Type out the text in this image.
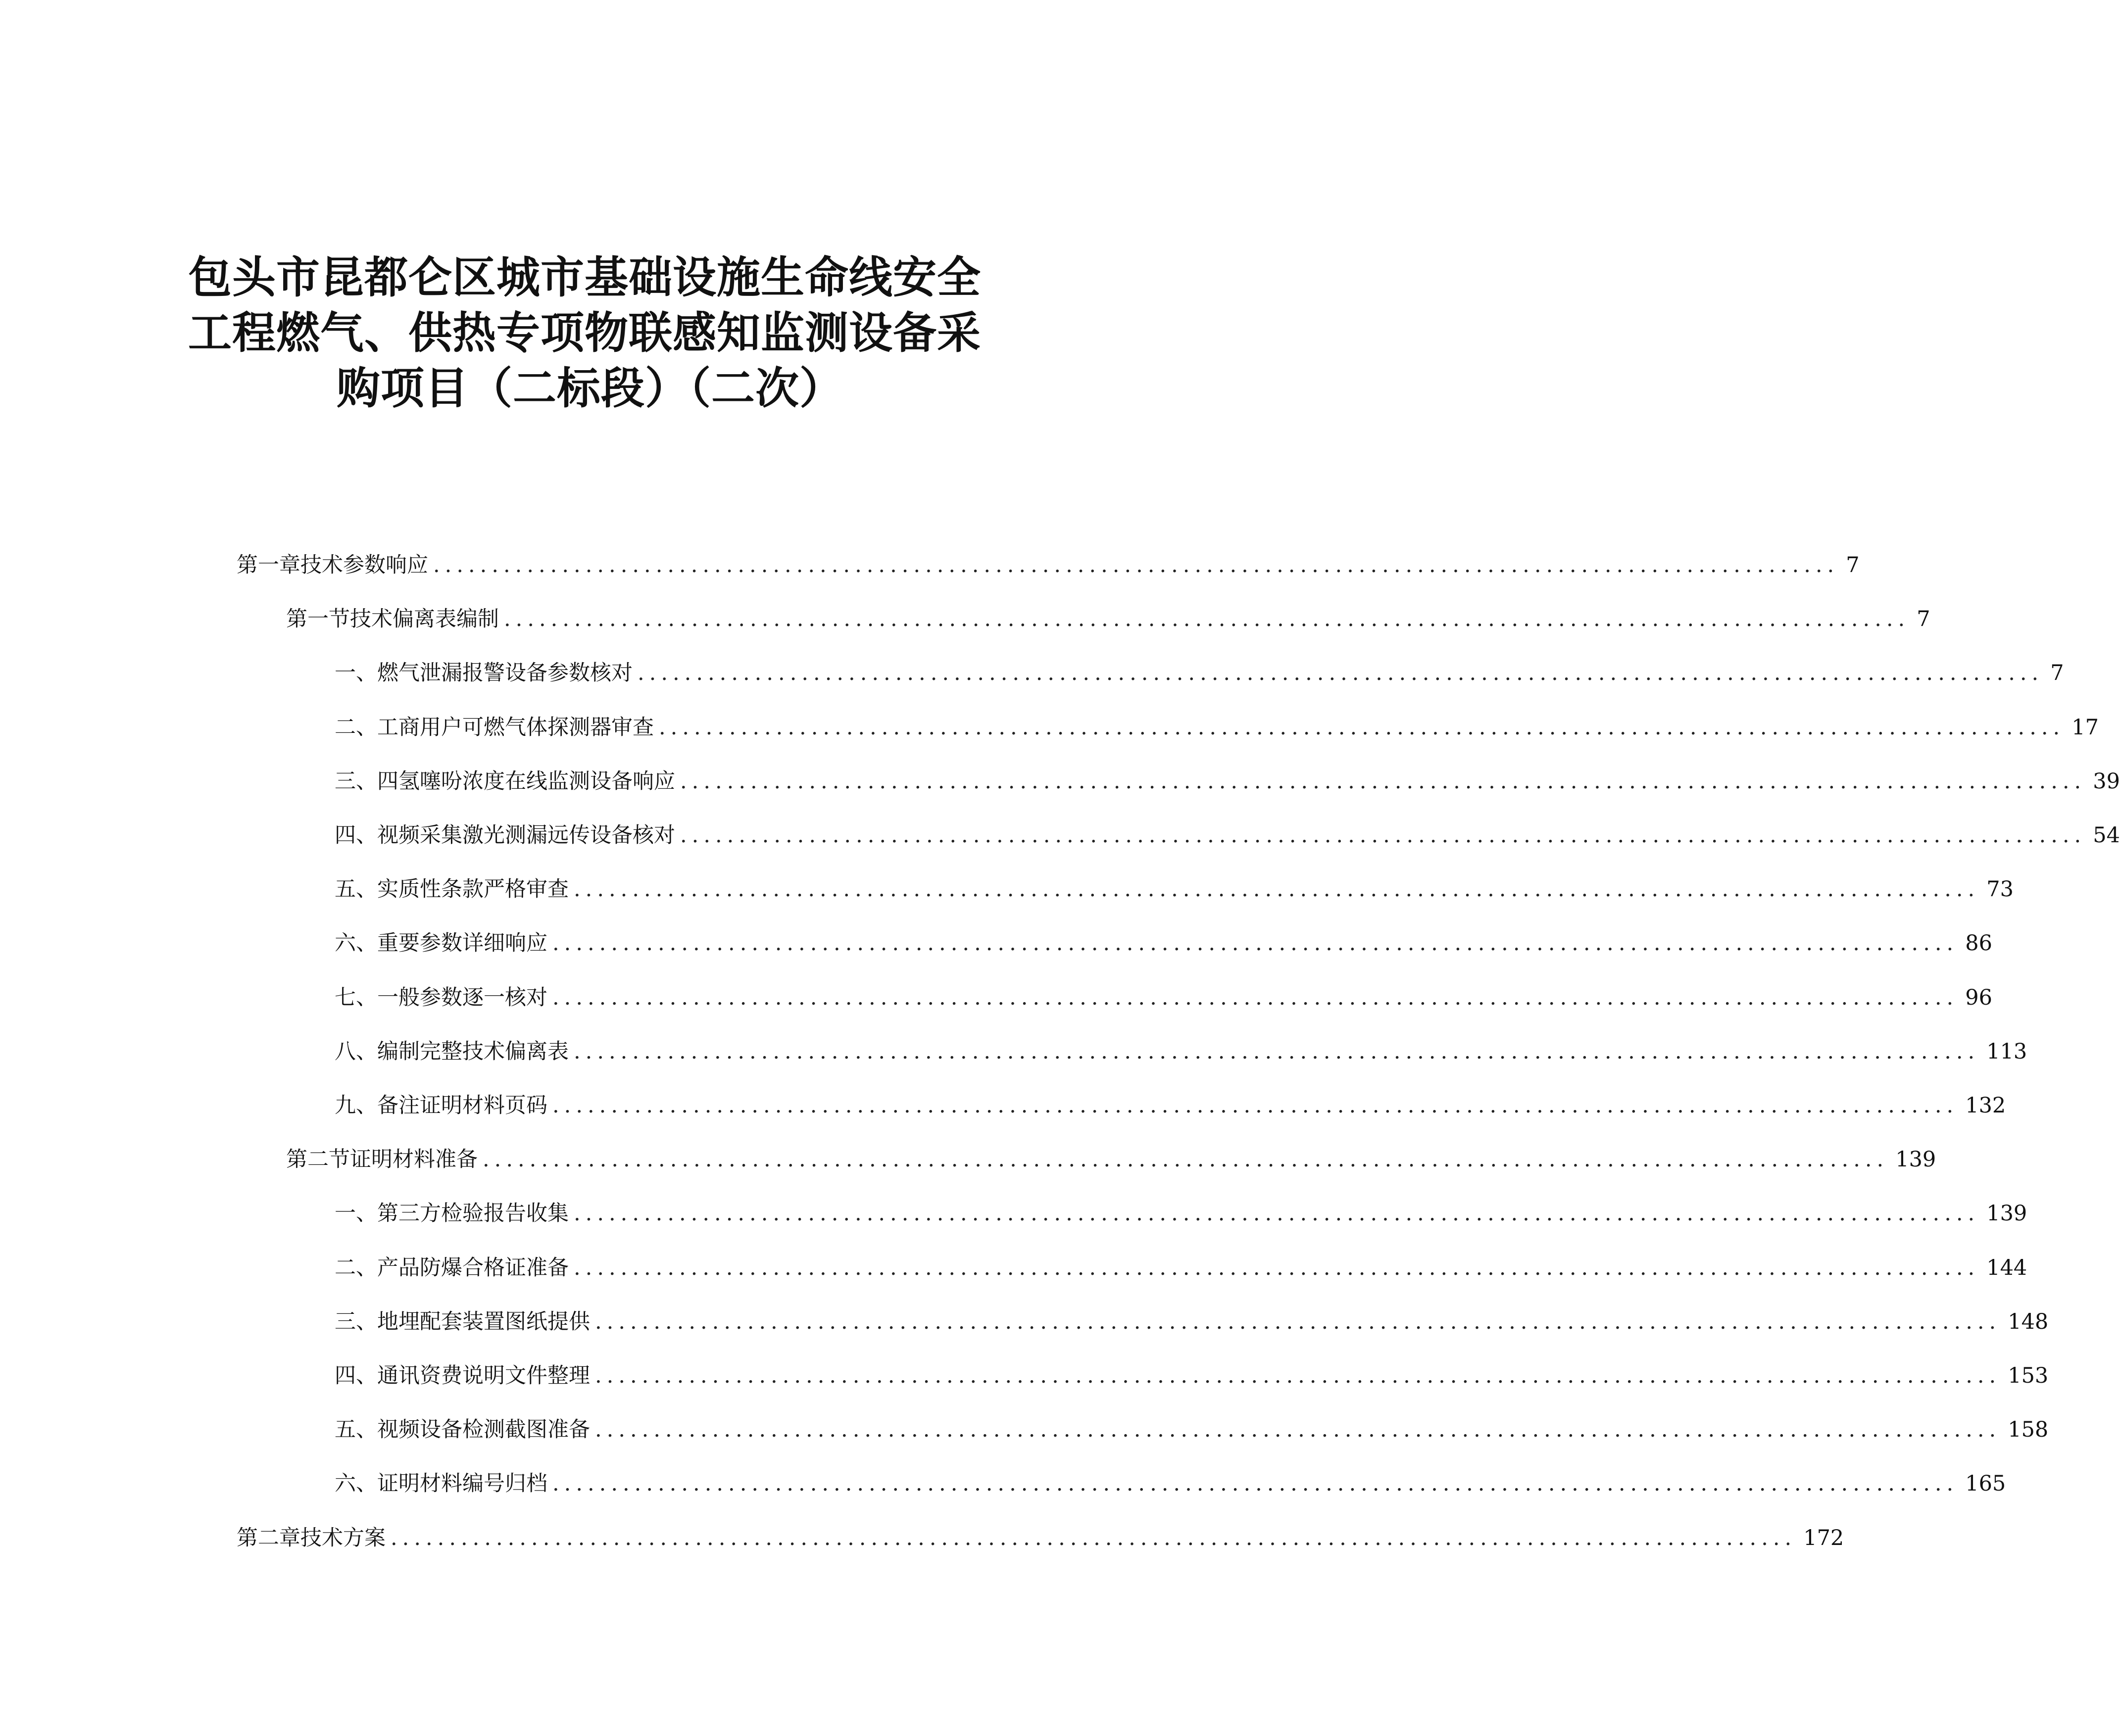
包头市昆都仑区城市基础设施生命线安全
工程燃气、供热专项物联感知监测设备采
购项目（二标段）（二次）
第一章 技术参数响应 ........................................................................................................................ 7
第一节 技术偏离表编制 ........................................................................................................................ 7
一、 燃气泄漏报警设备参数核对 ........................................................................................................................ 7
二、 工商用户可燃气体探测器审查 ........................................................................................................................ 17
三、 四氢噻吩浓度在线监测设备响应 ........................................................................................................................ 39
四、 视频采集激光测漏远传设备核对 ........................................................................................................................ 54
五、 实质性条款严格审查 ........................................................................................................................ 73
六、 重要参数详细响应 ........................................................................................................................ 86
七、 一般参数逐一核对 ........................................................................................................................ 96
八、 编制完整技术偏离表 ........................................................................................................................ 113
九、 备注证明材料页码 ........................................................................................................................ 132
第二节 证明材料准备 ........................................................................................................................ 139
一、 第三方检验报告收集 ........................................................................................................................ 139
二、 产品防爆合格证准备 ........................................................................................................................ 144
三、 地埋配套装置图纸提供 ........................................................................................................................ 148
四、 通讯资费说明文件整理 ........................................................................................................................ 153
五、 视频设备检测截图准备 ........................................................................................................................ 158
六、 证明材料编号归档 ........................................................................................................................ 165
第二章 技术方案 ........................................................................................................................ 172
